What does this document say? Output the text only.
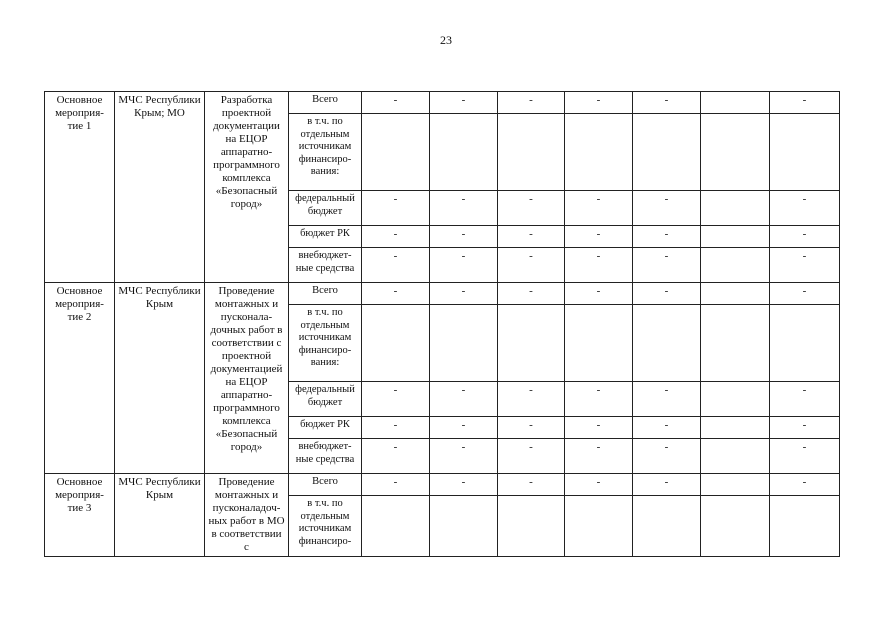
23
Основное мероприя-тие 1	МЧС Республики Крым; МО	Разработка проектной документации на ЕЦОР аппаратно-программного комплекса «Безопасный город»	Всего	-	-	-	-	-		-
			в т.ч. по отдельным источникам финансиро-вания:							
			федеральный бюджет	-	-	-	-	-		-
			бюджет РК	-	-	-	-	-		-
			внебюджет-ные средства	-	-	-	-	-		-
Основное мероприя-тие 2	МЧС Республики Крым	Проведение монтажных и пусконала-дочных работ в соответствии с проектной документацией на ЕЦОР аппаратно-программного комплекса «Безопасный город»	Всего	-	-	-	-	-		-
			в т.ч. по отдельным источникам финансиро-вания:							
			федеральный бюджет	-	-	-	-	-		-
			бюджет РК	-	-	-	-	-		-
			внебюджет-ные средства	-	-	-	-	-		-
Основное мероприя-тие 3	МЧС Республики Крым	Проведение монтажных и пусконаладоч-ных работ в МО в соответствии с	Всего	-	-	-	-	-		-
			в т.ч. по отдельным источникам финансиро-							
